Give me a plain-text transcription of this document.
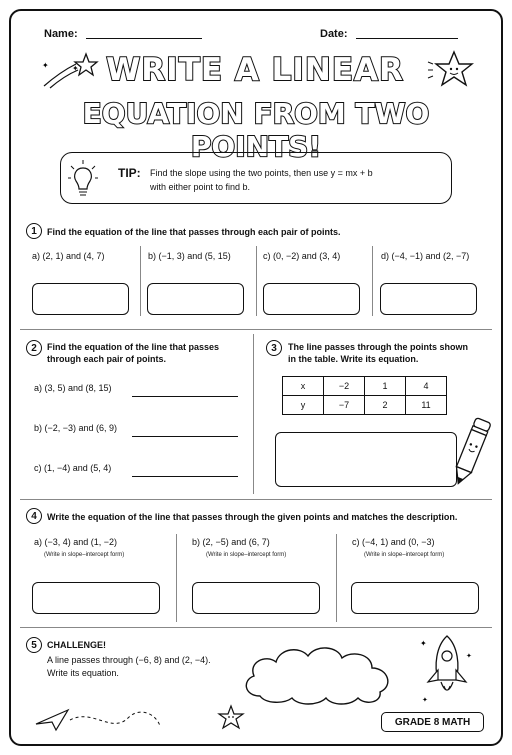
Name:	Date:
✦	✦ WRITE A LINEAR
EQUATION FROM TWO POINTS!
TIP: Find the slope using the two points, then use y = mx + b
with either point to find b.
1	Find the equation of the line that passes through each pair of points.
a) (2, 1) and (4, 7)	b) (−1, 3) and (5, 15)	c) (0, −2) and (3, 4)	d) (−4, −1) and (2, −7)
2	Find the equation of the line that passes
through each pair of points.
a) (3, 5) and (8, 15)
b) (−2, −3) and (6, 9)
c) (1, −4) and (5, 4)
3	The line passes through the points shown
in the table. Write its equation.
x	−2	1	4
y	−7	2	11
4	Write the equation of the line that passes through the given points and matches the description.
a) (−3, 4) and (1, −2)
(Write in slope–intercept form)
b) (2, −5) and (6, 7)
(Write in slope–intercept form)
c) (−4, 1) and (0, −3)
(Write in slope–intercept form)
5	CHALLENGE!
A line passes through (−6, 8) and (2, −4).
Write its equation.
✦
✦
✦
GRADE 8 MATH
